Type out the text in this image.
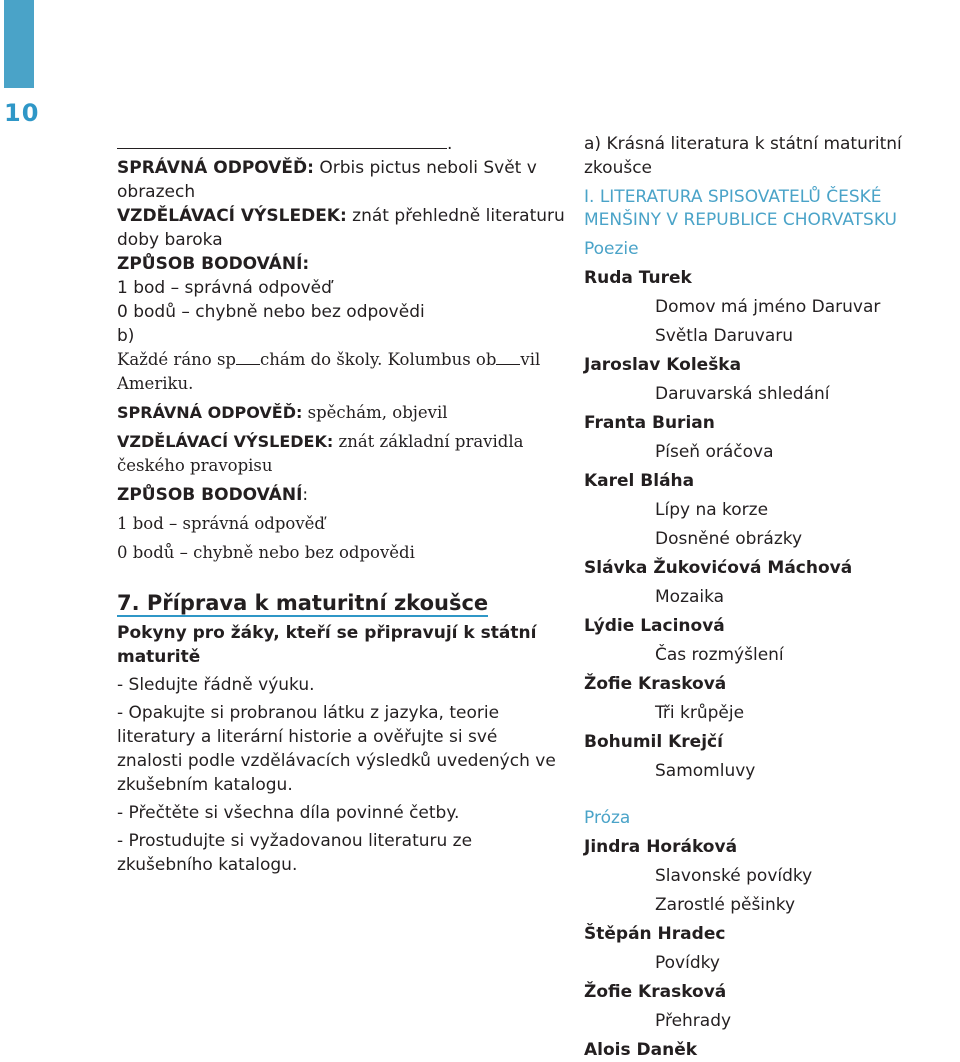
10
.
SPRÁVNÁ ODPOVĚĎ: Orbis pictus neboli Svět v obrazech
VZDĚLÁVACÍ VÝSLEDEK: znát přehledně literaturu doby baroka
ZPŮSOB BODOVÁNÍ:
1 bod – správná odpověď
0 bodů – chybně nebo bez odpovědi
b)
Každé ráno sp chám do školy. Kolumbus ob vil Ameriku.
SPRÁVNÁ ODPOVĚĎ: spěchám, objevil
VZDĚLÁVACÍ VÝSLEDEK: znát základní pravidla českého pravopisu
ZPŮSOB BODOVÁNÍ:
1 bod – správná odpověď
0 bodů – chybně nebo bez odpovědi
7. Příprava k maturitní zkoušce
Pokyny pro žáky, kteří se připravují k státní maturitě
- Sledujte řádně výuku.
- Opakujte si probranou látku z jazyka, teorie literatury a literární historie a ověřujte si své znalosti podle vzdělávacích výsledků uvedených ve zkušebním katalogu.
- Přečtěte si všechna díla povinné četby.
- Prostudujte si vyžadovanou literaturu ze zkušebního katalogu.
a) Krásná literatura k státní maturitní zkoušce
I. LITERATURA SPISOVATELŮ ČESKÉ MENŠINY V REPUBLICE CHORVATSKU
Poezie
Ruda Turek
Domov má jméno Daruvar
Světla Daruvaru
Jaroslav Koleška
Daruvarská shledání
Franta Burian
Píseň oráčova
Karel Bláha
Lípy na korze
Dosněné obrázky
Slávka Žukovićová Máchová
Mozaika
Lýdie Lacinová
Čas rozmýšlení
Žofie Krasková
Tři krůpěje
Bohumil Krejčí
Samomluvy
Próza
Jindra Horáková
Slavonské povídky
Zarostlé pěšinky
Štěpán Hradec
Povídky
Žofie Krasková
Přehrady
Alois Daněk
